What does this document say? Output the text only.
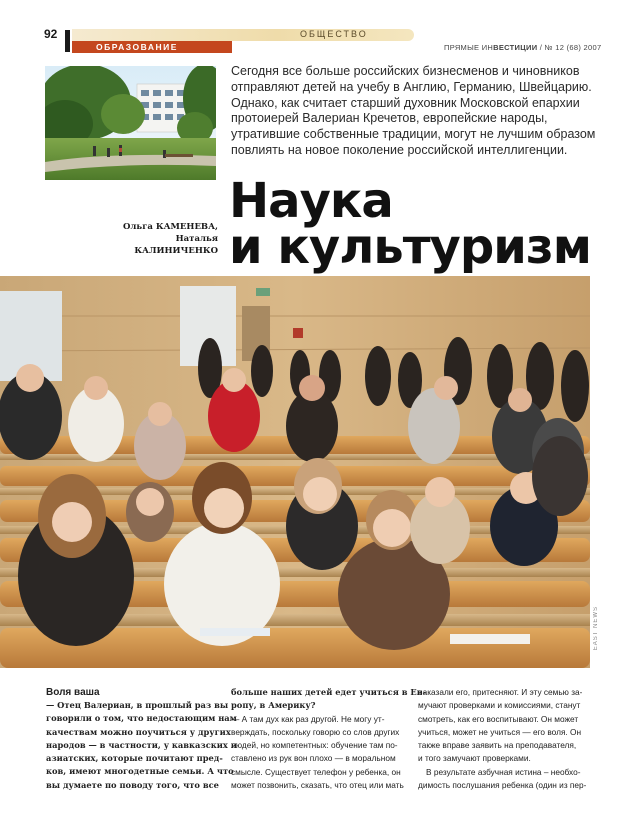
92	ОБЩЕСТВО
ОБРАЗОВАНИЕ	ПРЯМЫЕ ИНВЕСТИЦИИ / № 12 (68) 2007
Сегодня все больше российских бизнесменов и чиновников отправляют детей на учебу в Англию, Германию, Швейцарию. Однако, как считает старший духовник Московской епархии протоиерей Валериан Кречетов, европейские народы, утратившие собственные традиции, могут не лучшим образом повлиять на новое поколение российской интеллигенции.
Ольга КАМЕНЕВА,
Наталья КАЛИНИЧЕНКО
Наука
и культуризм
EAST NEWS
Воля ваша
— Отец Валериан, в прошлый раз вы
говорили о том, что недостающим нам
качествам можно поучиться у других
народов — в частности, у кавказских и
азиатских, которые почитают пред-
ков, имеют многодетные семьи. А что
вы думаете по поводу того, что все
больше наших детей едет учиться в Ев-
ропу, в Америку?
— А там дух как раз другой. Не могу ут-
верждать, поскольку говорю со слов других
людей, но компетентных: обучение там по-
ставлено из рук вон плохо — в моральном
смысле. Существует телефон у ребенка, он
может позвонить, сказать, что отец или мать
наказали его, притесняют. И эту семью за-
мучают проверками и комиссиями, станут
смотреть, как его воспитывают. Он может
учиться, может не учиться — его воля. Он
также вправе заявить на преподавателя,
и того замучают проверками.
В результате азбучная истина – необхо-
димость послушания ребенка (один из пер-
